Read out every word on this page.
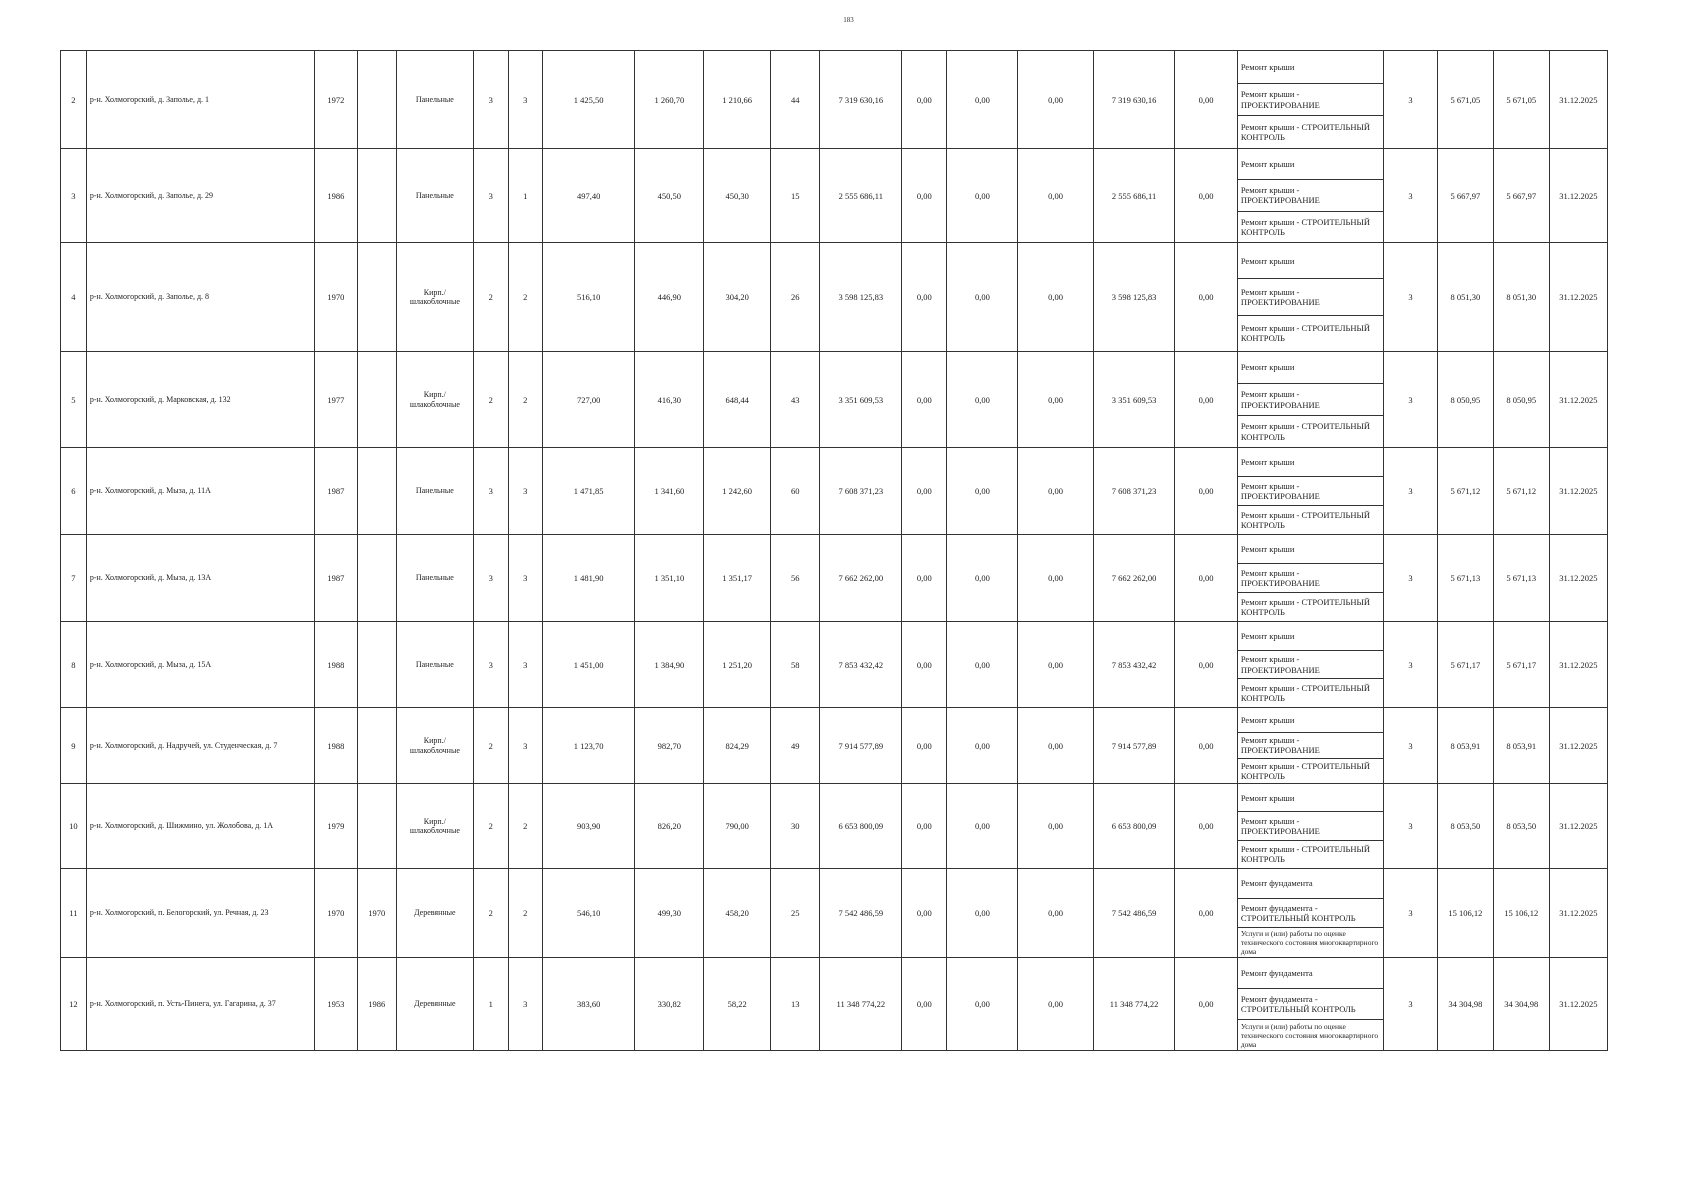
183
2	р-н. Холмогорский, д. Заполье, д. 1	1972		Панельные	3	3	1 425,50	1 260,70	1 210,66	44	7 319 630,16	0,00	0,00	0,00	7 319 630,16	0,00	Ремонт крыши
Ремонт крыши - ПРОЕКТИРОВАНИЕ
Ремонт крыши - СТРОИТЕЛЬНЫЙ КОНТРОЛЬ	3	5 671,05	5 671,05	31.12.2025
3	р-н. Холмогорский, д. Заполье, д. 29	1986		Панельные	3	1	497,40	450,50	450,30	15	2 555 686,11	0,00	0,00	0,00	2 555 686,11	0,00	Ремонт крыши
Ремонт крыши - ПРОЕКТИРОВАНИЕ
Ремонт крыши - СТРОИТЕЛЬНЫЙ КОНТРОЛЬ	3	5 667,97	5 667,97	31.12.2025
4	р-н. Холмогорский, д. Заполье, д. 8	1970		Кирп./ шлакоблочные	2	2	516,10	446,90	304,20	26	3 598 125,83	0,00	0,00	0,00	3 598 125,83	0,00	Ремонт крыши
Ремонт крыши - ПРОЕКТИРОВАНИЕ
Ремонт крыши - СТРОИТЕЛЬНЫЙ КОНТРОЛЬ	3	8 051,30	8 051,30	31.12.2025
5	р-н. Холмогорский, д. Марковская, д. 132	1977		Кирп./ шлакоблочные	2	2	727,00	416,30	648,44	43	3 351 609,53	0,00	0,00	0,00	3 351 609,53	0,00	Ремонт крыши
Ремонт крыши - ПРОЕКТИРОВАНИЕ
Ремонт крыши - СТРОИТЕЛЬНЫЙ КОНТРОЛЬ	3	8 050,95	8 050,95	31.12.2025
6	р-н. Холмогорский, д. Мыза, д. 11А	1987		Панельные	3	3	1 471,85	1 341,60	1 242,60	60	7 608 371,23	0,00	0,00	0,00	7 608 371,23	0,00	Ремонт крыши
Ремонт крыши - ПРОЕКТИРОВАНИЕ
Ремонт крыши - СТРОИТЕЛЬНЫЙ КОНТРОЛЬ	3	5 671,12	5 671,12	31.12.2025
7	р-н. Холмогорский, д. Мыза, д. 13А	1987		Панельные	3	3	1 481,90	1 351,10	1 351,17	56	7 662 262,00	0,00	0,00	0,00	7 662 262,00	0,00	Ремонт крыши
Ремонт крыши - ПРОЕКТИРОВАНИЕ
Ремонт крыши - СТРОИТЕЛЬНЫЙ КОНТРОЛЬ	3	5 671,13	5 671,13	31.12.2025
8	р-н. Холмогорский, д. Мыза, д. 15А	1988		Панельные	3	3	1 451,00	1 384,90	1 251,20	58	7 853 432,42	0,00	0,00	0,00	7 853 432,42	0,00	Ремонт крыши
Ремонт крыши - ПРОЕКТИРОВАНИЕ
Ремонт крыши - СТРОИТЕЛЬНЫЙ КОНТРОЛЬ	3	5 671,17	5 671,17	31.12.2025
9	р-н. Холмогорский, д. Надручей, ул. Студенческая, д. 7	1988		Кирп./ шлакоблочные	2	3	1 123,70	982,70	824,29	49	7 914 577,89	0,00	0,00	0,00	7 914 577,89	0,00	Ремонт крыши
Ремонт крыши - ПРОЕКТИРОВАНИЕ
Ремонт крыши - СТРОИТЕЛЬНЫЙ КОНТРОЛЬ	3	8 053,91	8 053,91	31.12.2025
10	р-н. Холмогорский, д. Шижмино, ул. Жолобова, д. 1А	1979		Кирп./ шлакоблочные	2	2	903,90	826,20	790,00	30	6 653 800,09	0,00	0,00	0,00	6 653 800,09	0,00	Ремонт крыши
Ремонт крыши - ПРОЕКТИРОВАНИЕ
Ремонт крыши - СТРОИТЕЛЬНЫЙ КОНТРОЛЬ	3	8 053,50	8 053,50	31.12.2025
11	р-н. Холмогорский, п. Белогорский, ул. Речная, д. 23	1970	1970	Деревянные	2	2	546,10	499,30	458,20	25	7 542 486,59	0,00	0,00	0,00	7 542 486,59	0,00	Ремонт фундамента
Ремонт фундамента - СТРОИТЕЛЬНЫЙ КОНТРОЛЬ
Услуги и (или) работы по оценке технического состояния многоквартирного дома	3	15 106,12	15 106,12	31.12.2025
12	р-н. Холмогорский, п. Усть-Пинега, ул. Гагарина, д. 37	1953	1986	Деревянные	1	3	383,60	330,82	58,22	13	11 348 774,22	0,00	0,00	0,00	11 348 774,22	0,00	Ремонт фундамента
Ремонт фундамента - СТРОИТЕЛЬНЫЙ КОНТРОЛЬ
Услуги и (или) работы по оценке технического состояния многоквартирного дома	3	34 304,98	34 304,98	31.12.2025
